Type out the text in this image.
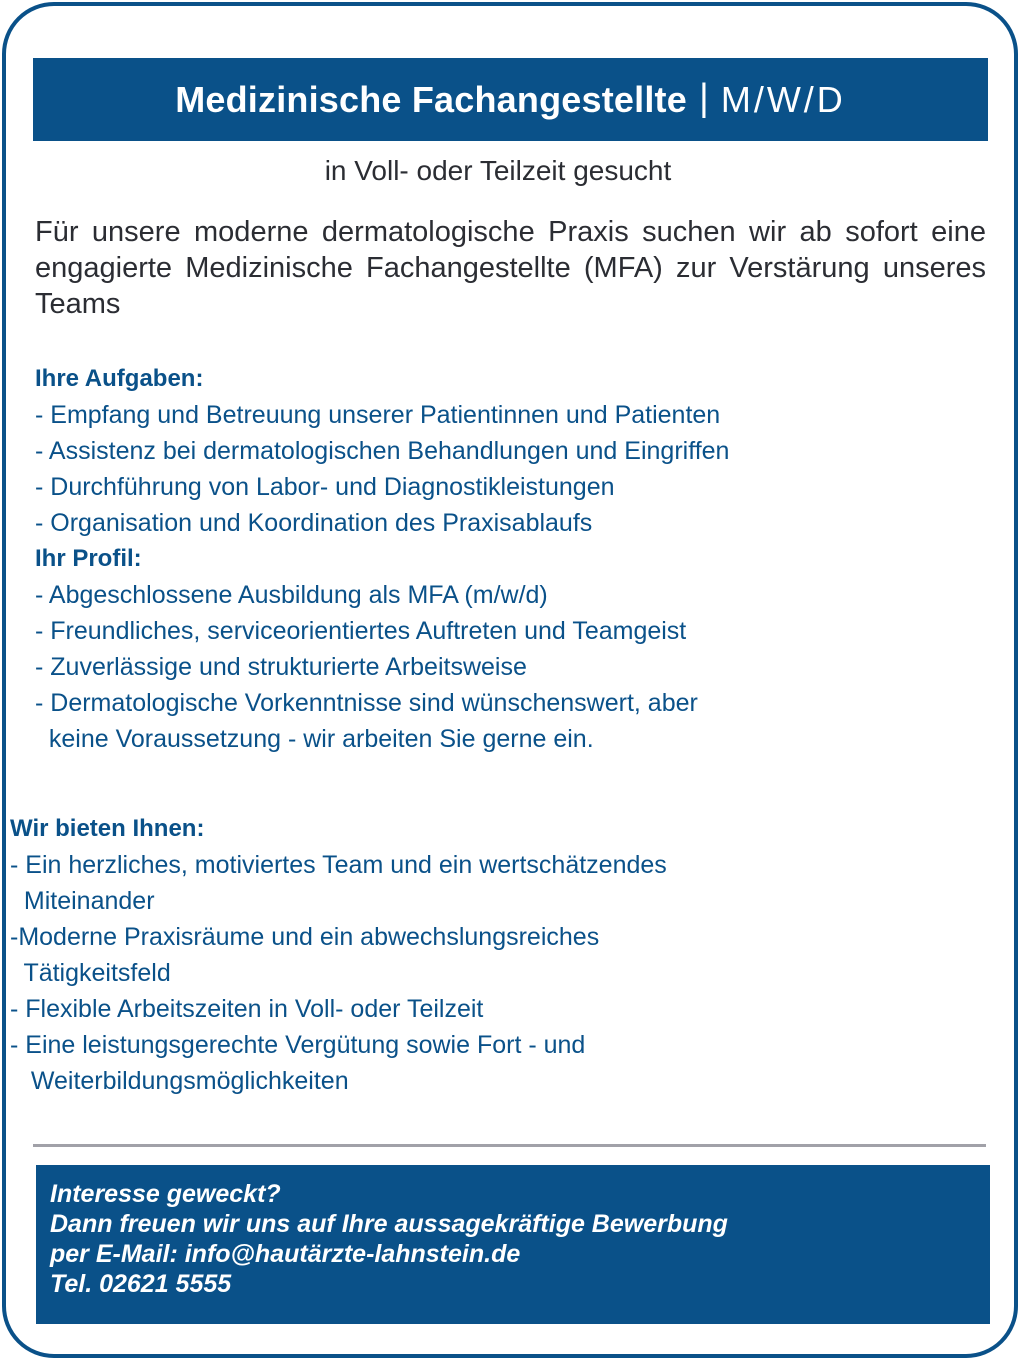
Medizinische Fachangestellte | M/W/D
in Voll- oder Teilzeit gesucht
Für unsere moderne dermatologische Praxis suchen wir ab sofort eine engagierte Medizinische Fachangestellte (MFA) zur Verstärung unseres Teams
Ihre Aufgaben:
- Empfang und Betreuung unserer Patientinnen und Patienten
- Assistenz bei dermatologischen Behandlungen und Eingriffen
- Durchführung von Labor- und Diagnostikleistungen
- Organisation und Koordination des Praxisablaufs
Ihr Profil:
- Abgeschlossene Ausbildung als MFA (m/w/d)
- Freundliches, serviceorientiertes Auftreten und Teamgeist
- Zuverlässige und strukturierte Arbeitsweise
- Dermatologische Vorkenntnisse sind wünschenswert, aber
keine Voraussetzung - wir arbeiten Sie gerne ein.
Wir bieten Ihnen:
- Ein herzliches, motiviertes Team und ein wertschätzendes
Miteinander
-Moderne Praxisräume und ein abwechslungsreiches
Tätigkeitsfeld
- Flexible Arbeitszeiten in Voll- oder Teilzeit
- Eine leistungsgerechte Vergütung sowie Fort - und
Weiterbildungsmöglichkeiten
Interesse geweckt?
Dann freuen wir uns auf Ihre aussagekräftige Bewerbung
per E-Mail: info@hautärzte-lahnstein.de
Tel. 02621 5555
